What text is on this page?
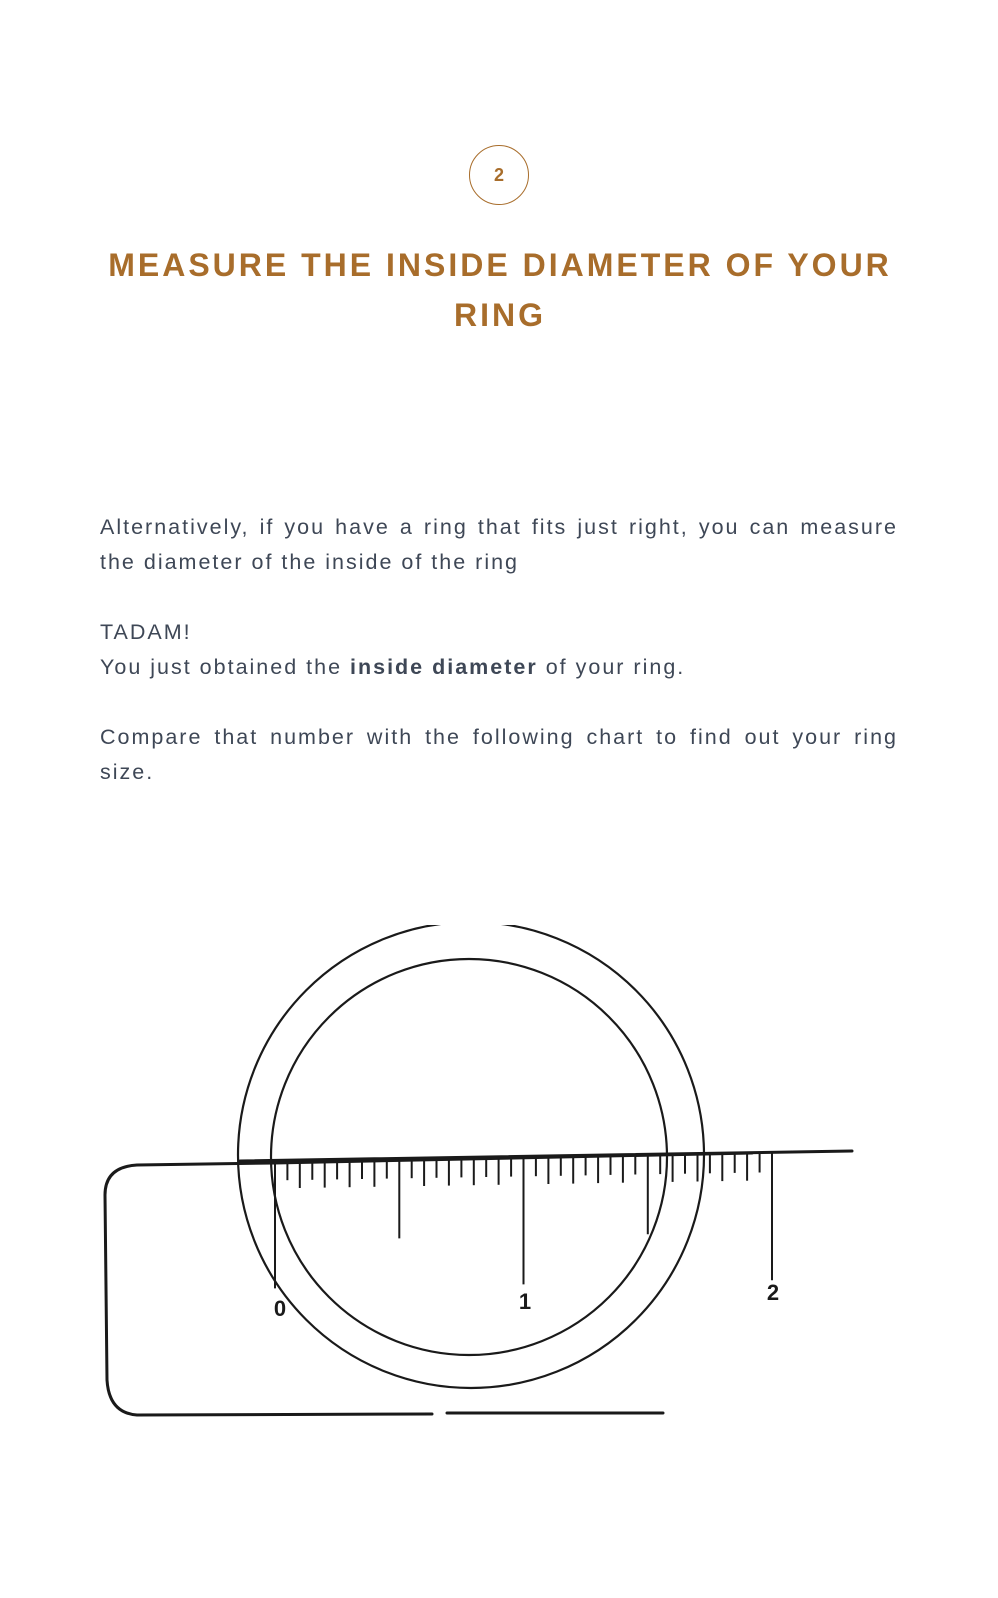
2
MEASURE THE INSIDE DIAMETER OF YOUR RING

Alternatively, if you have a ring that fits just right, you can measure the diameter of the inside of the ring

TADAM!
You just obtained the inside diameter of your ring.

Compare that number with the following chart to find out your ring size.

0	1	2
